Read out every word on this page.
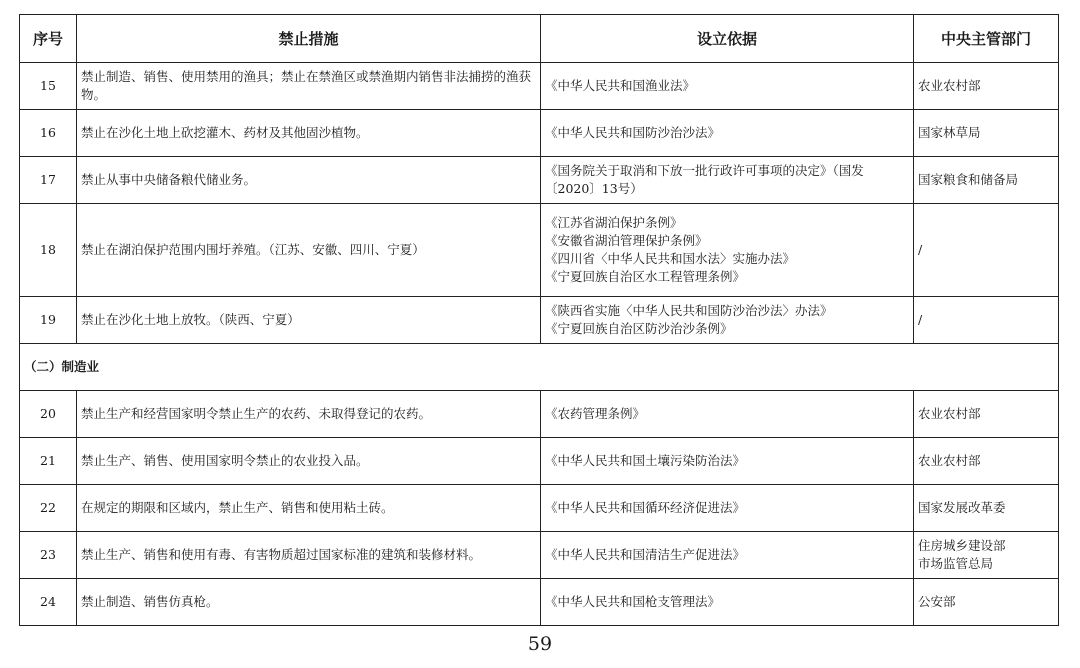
序号	禁止措施	设立依据	中央主管部门
15	禁止制造、销售、使用禁用的渔具；禁止在禁渔区或禁渔期内销售非法捕捞的渔获物。	《中华人民共和国渔业法》	农业农村部

16	禁止在沙化土地上砍挖灌木、药材及其他固沙植物。	《中华人民共和国防沙治沙法》	国家林草局

17	禁止从事中央储备粮代储业务。	《国务院关于取消和下放一批行政许可事项的决定》（国发
〔2020〕13号）	国家粮食和储备局

18	禁止在湖泊保护范围内围圩养殖。（江苏、安徽、四川、宁夏）	《江苏省湖泊保护条例》
《安徽省湖泊管理保护条例》
《四川省〈中华人民共和国水法〉实施办法》
《宁夏回族自治区水工程管理条例》	/

19	禁止在沙化土地上放牧。（陕西、宁夏）	《陕西省实施〈中华人民共和国防沙治沙法〉办法》
《宁夏回族自治区防沙治沙条例》	/

（二）制造业			
20	禁止生产和经营国家明令禁止生产的农药、未取得登记的农药。	《农药管理条例》	农业农村部

21	禁止生产、销售、使用国家明令禁止的农业投入品。	《中华人民共和国土壤污染防治法》	农业农村部

22	在规定的期限和区域内，禁止生产、销售和使用粘土砖。	《中华人民共和国循环经济促进法》	国家发展改革委

23	禁止生产、销售和使用有毒、有害物质超过国家标准的建筑和装修材料。	《中华人民共和国清洁生产促进法》	住房城乡建设部
市场监管总局

24	禁止制造、销售仿真枪。	《中华人民共和国枪支管理法》	公安部
59
